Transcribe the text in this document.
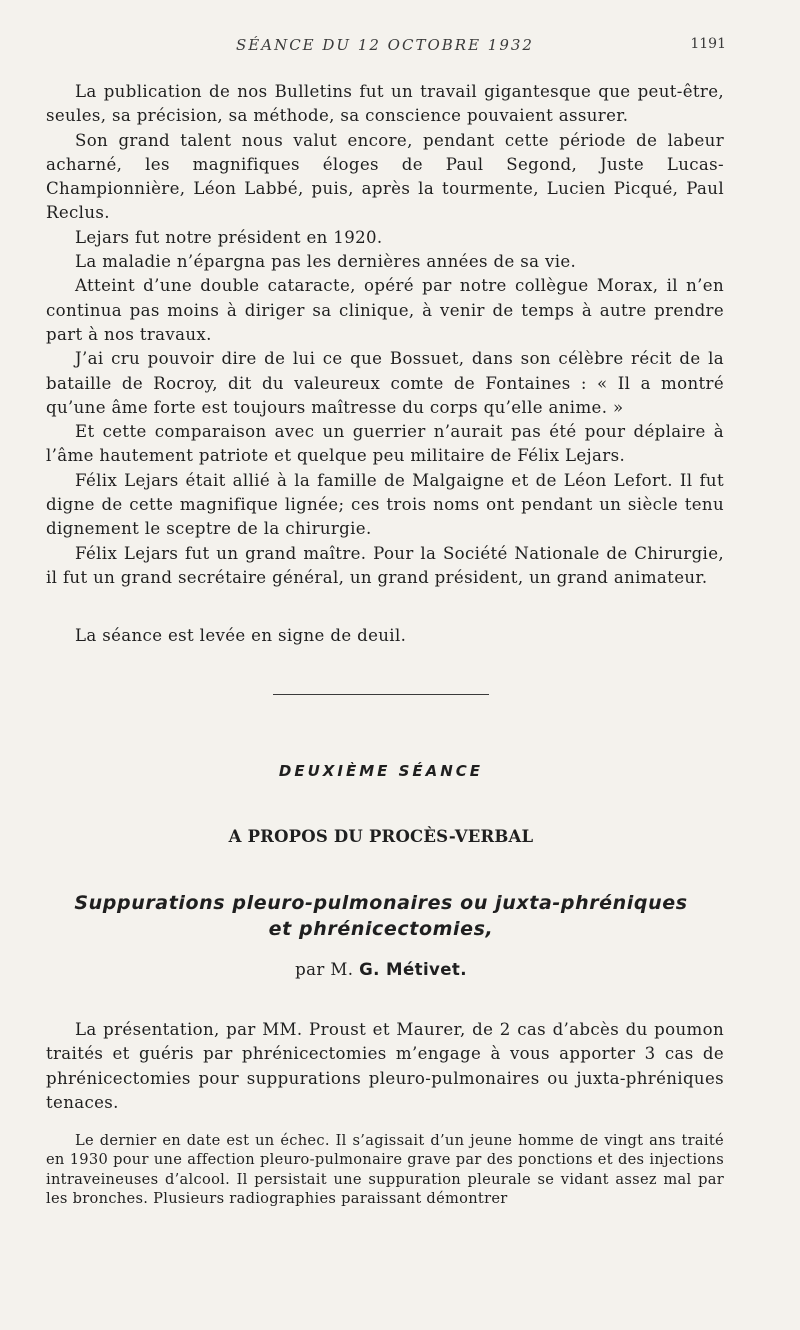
SÉANCE DU 12 OCTOBRE 1932	1191

La publication de nos Bulletins fut un travail gigantesque que peut-être, seules, sa précision, sa méthode, sa conscience pouvaient assurer.

Son grand talent nous valut encore, pendant cette période de labeur acharné, les magnifiques éloges de Paul Segond, Juste Lucas-Championnière, Léon Labbé, puis, après la tourmente, Lucien Picqué, Paul Reclus.

Lejars fut notre président en 1920.

La maladie n’épargna pas les dernières années de sa vie.

Atteint d’une double cataracte, opéré par notre collègue Morax, il n’en continua pas moins à diriger sa clinique, à venir de temps à autre prendre part à nos travaux.

J’ai cru pouvoir dire de lui ce que Bossuet, dans son célèbre récit de la bataille de Rocroy, dit du valeureux comte de Fontaines : « Il a montré qu’une âme forte est toujours maîtresse du corps qu’elle anime. »

Et cette comparaison avec un guerrier n’aurait pas été pour déplaire à l’âme hautement patriote et quelque peu militaire de Félix Lejars.

Félix Lejars était allié à la famille de Malgaigne et de Léon Lefort. Il fut digne de cette magnifique lignée; ces trois noms ont pendant un siècle tenu dignement le sceptre de la chirurgie.

Félix Lejars fut un grand maître. Pour la Société Nationale de Chirurgie, il fut un grand secrétaire général, un grand président, un grand animateur.

La séance est levée en signe de deuil.

DEUXIÈME SÉANCE
A PROPOS DU PROCÈS-VERBAL
Suppurations pleuro-pulmonaires ou juxta-phréniques
et phrénicectomies,
par M. G. Métivet.

La présentation, par MM. Proust et Maurer, de 2 cas d’abcès du poumon traités et guéris par phrénicectomies m’engage à vous apporter 3 cas de phrénicectomies pour suppurations pleuro-pulmonaires ou juxta-phréniques tenaces.

Le dernier en date est un échec. Il s’agissait d’un jeune homme de vingt ans traité en 1930 pour une affection pleuro-pulmonaire grave par des ponctions et des injections intraveineuses d’alcool. Il persistait une suppuration pleurale se vidant assez mal par les bronches. Plusieurs radiographies paraissant démontrer
